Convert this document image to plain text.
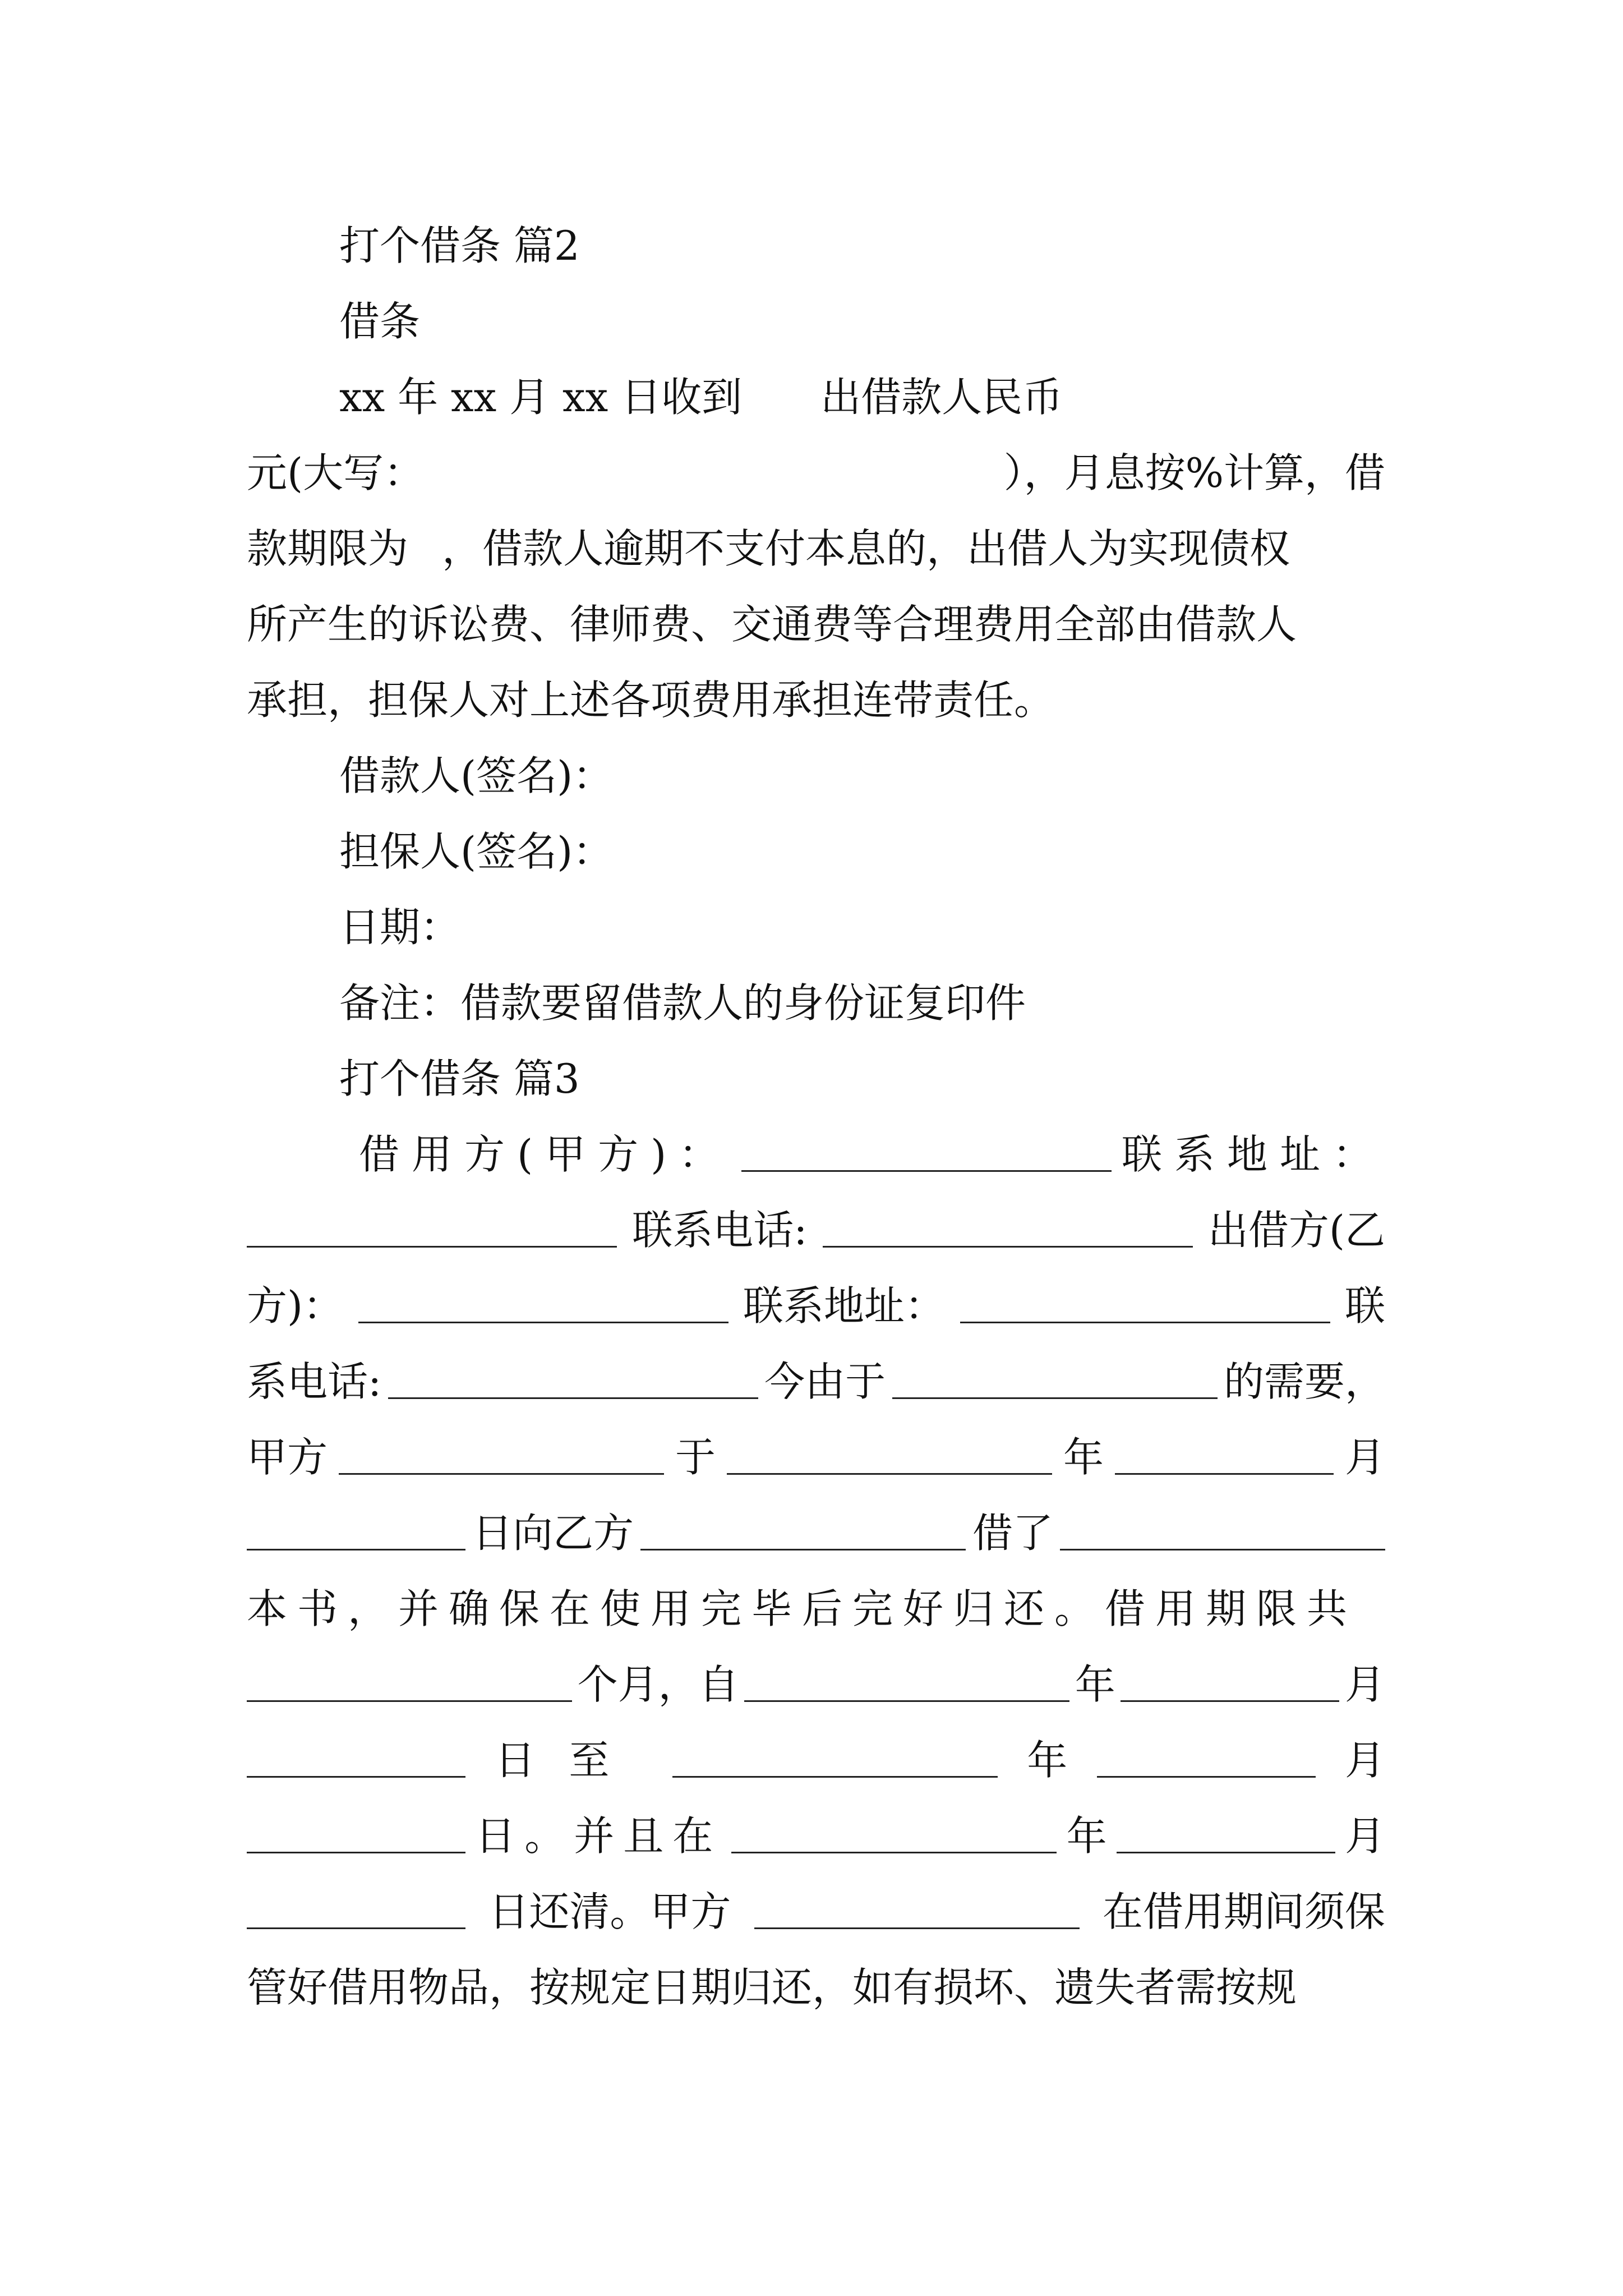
打个借条 篇2
借条
xx 年 xx 月 xx 日收到 出借款人民币
元(大写：	），月息按%计算，借
款期限为 ，借款人逾期不支付本息的，出借人为实现债权
所产生的诉讼费、律师费、交通费等合理费用全部由借款人
承担，担保人对上述各项费用承担连带责任。
借款人(签名)：
担保人(签名)：
日期：
备注：借款要留借款人的身份证复印件
打个借条 篇3
借用方(甲方)：	联系地址：
联系电话:	出借方(乙
方)：	联系地址：	联
系电话:	今由于	的需要，
甲方	于	年	月
日向乙方	借了
本书，并确保在使用完毕后完好归还。借用期限共
个月，自	年	月
日至	年	月
日。并且在	年	月
日还清。甲方	在借用期间须保
管好借用物品，按规定日期归还，如有损坏、遗失者需按规
